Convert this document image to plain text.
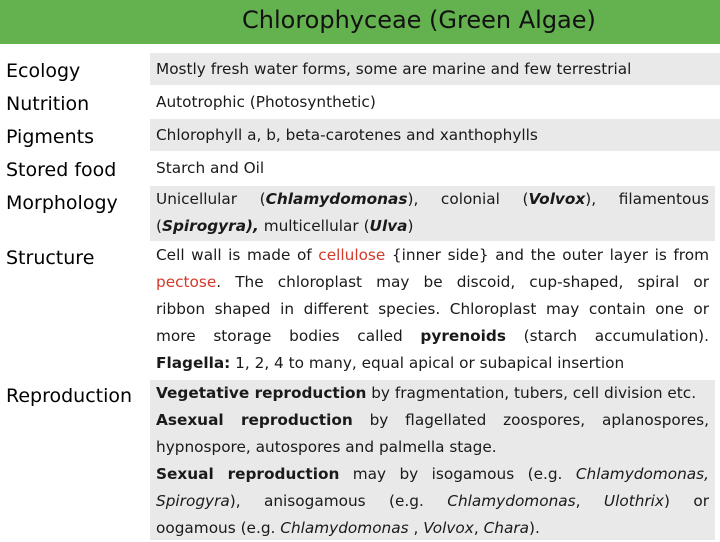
Chlorophyceae (Green Algae)
Ecology
Nutrition
Pigments
Stored food
Morphology
Structure
Reproduction
Mostly fresh water forms, some are marine and few terrestrial
Autotrophic (Photosynthetic)
Chlorophyll a, b, beta-carotenes and xanthophylls
Starch and Oil
Unicellular (Chlamydomonas), colonial (Volvox), filamentous
(Spirogyra), multicellular (Ulva)
Cell wall is made of cellulose {inner side} and the outer layer is from
pectose. The chloroplast may be discoid, cup-shaped, spiral or
ribbon shaped in different species. Chloroplast may contain one or
more storage bodies called pyrenoids (starch accumulation).
Flagella: 1, 2, 4 to many, equal apical or subapical insertion
Vegetative reproduction by fragmentation, tubers, cell division etc.
Asexual reproduction by flagellated zoospores, aplanospores,
hypnospore, autospores and palmella stage.
Sexual reproduction may by isogamous (e.g. Chlamydomonas,
Spirogyra), anisogamous (e.g. Chlamydomonas, Ulothrix) or
oogamous (e.g. Chlamydomonas , Volvox, Chara).
